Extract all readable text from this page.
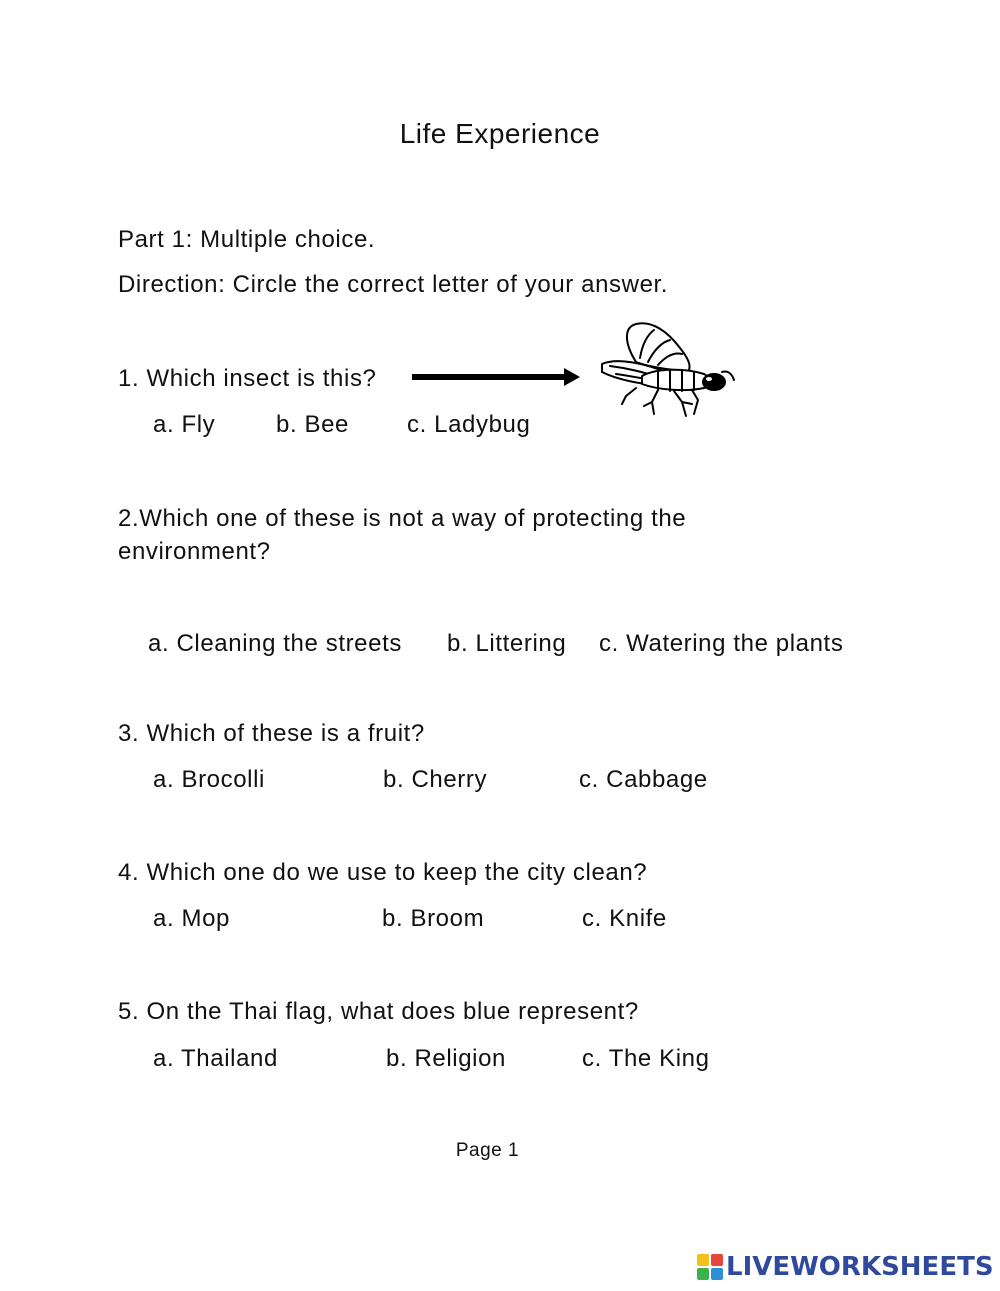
Life Experience
Part 1: Multiple choice.
Direction: Circle the correct letter of your answer.
1. Which insect is this?
a. Fly	b. Bee c. Ladybug
2.Which one of these is not a way of protecting the
environment?
a. Cleaning the streets b. Littering c. Watering the plants
3. Which of these is a fruit?
a. Brocolli	b. Cherry	c. Cabbage
4. Which one do we use to keep the city clean?
a. Mop	b. Broom	c. Knife
5. On the Thai flag, what does blue represent?
a. Thailand	b. Religion	c. The King
Page 1
LIVEWORKSHEETS
